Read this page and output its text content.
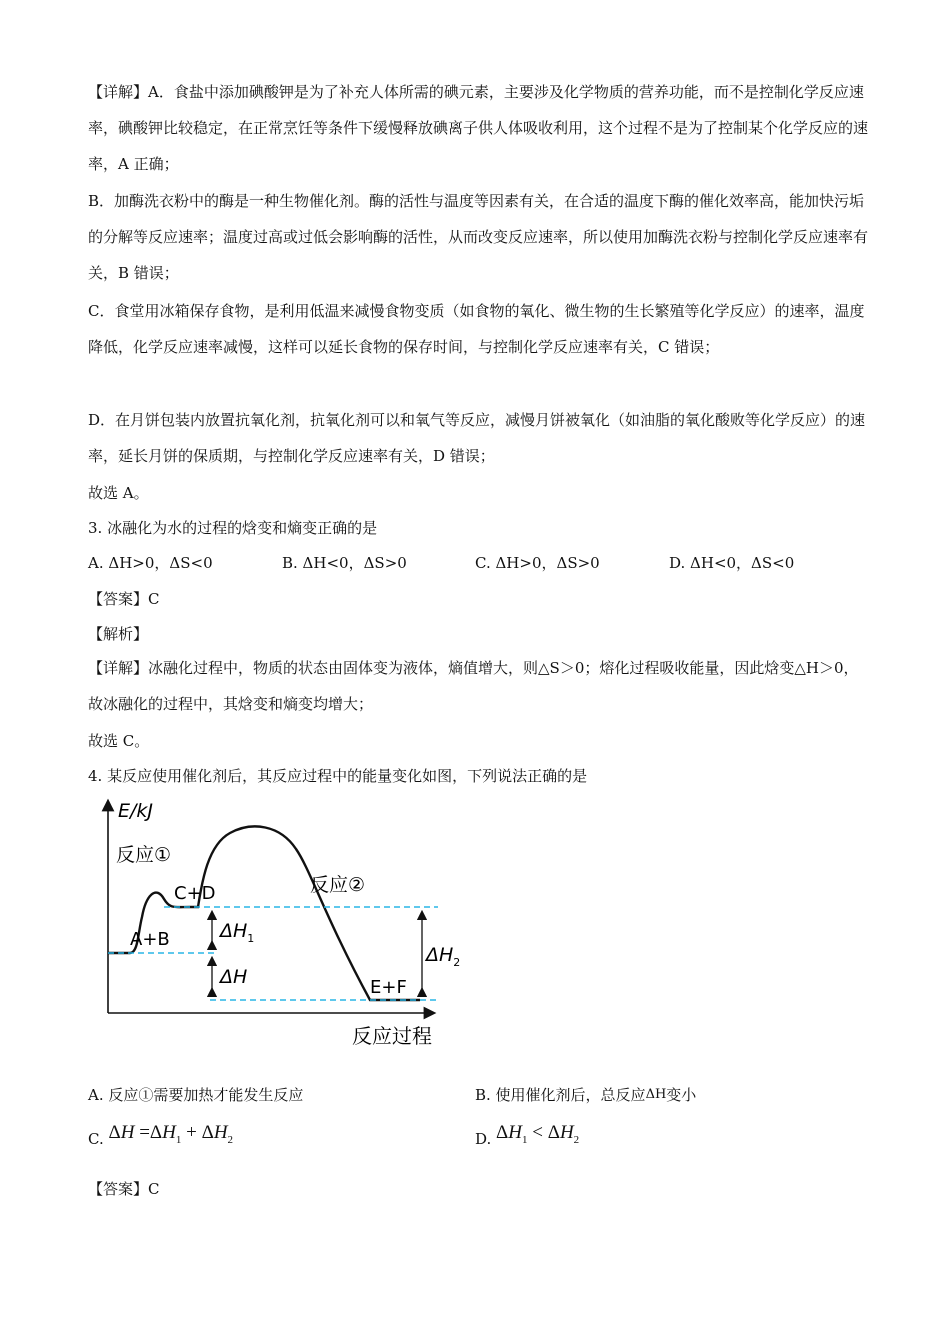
【详解】A．食盐中添加碘酸钾是为了补充人体所需的碘元素，主要涉及化学物质的营养功能，而不是控制化学反应速率，碘酸钾比较稳定，在正常烹饪等条件下缓慢释放碘离子供人体吸收利用，这个过程不是为了控制某个化学反应的速率，A 正确；

B．加酶洗衣粉中的酶是一种生物催化剂。酶的活性与温度等因素有关，在合适的温度下酶的催化效率高，能加快污垢的分解等反应速率；温度过高或过低会影响酶的活性，从而改变反应速率，所以使用加酶洗衣粉与控制化学反应速率有关，B 错误；

C．食堂用冰箱保存食物，是利用低温来减慢食物变质（如食物的氧化、微生物的生长繁殖等化学反应）的速率，温度降低，化学反应速率减慢，这样可以延长食物的保存时间，与控制化学反应速率有关，C 错误；

D．在月饼包装内放置抗氧化剂，抗氧化剂可以和氧气等反应，减慢月饼被氧化（如油脂的氧化酸败等化学反应）的速率，延长月饼的保质期，与控制化学反应速率有关，D 错误；

故选 A。
3. 冰融化为水的过程的焓变和熵变正确的是
A. ΔH>0，ΔS<0	B. ΔH<0，ΔS>0	C. ΔH>0，ΔS>0	D. ΔH<0，ΔS<0
【答案】C
【解析】

【详解】冰融化过程中，物质的状态由固体变为液体，熵值增大，则△S＞0；熔化过程吸收能量，因此焓变△H＞0，故冰融化的过程中，其焓变和熵变均增大；

故选 C。
4. 某反应使用催化剂后，其反应过程中的能量变化如图，下列说法正确的是
E/kJ
反应过程
反应①
反应②
C+D
A+B
E+F
$\Delta H_1$
ΔH
$\Delta H_2$
A. 反应①需要加热才能发生反应	B. 使用催化剂后，总反应ΔH变小
C. $\Delta H =\Delta H_1 + \Delta H_2$	D. $\Delta H_1 < \Delta H_2$
【答案】C
